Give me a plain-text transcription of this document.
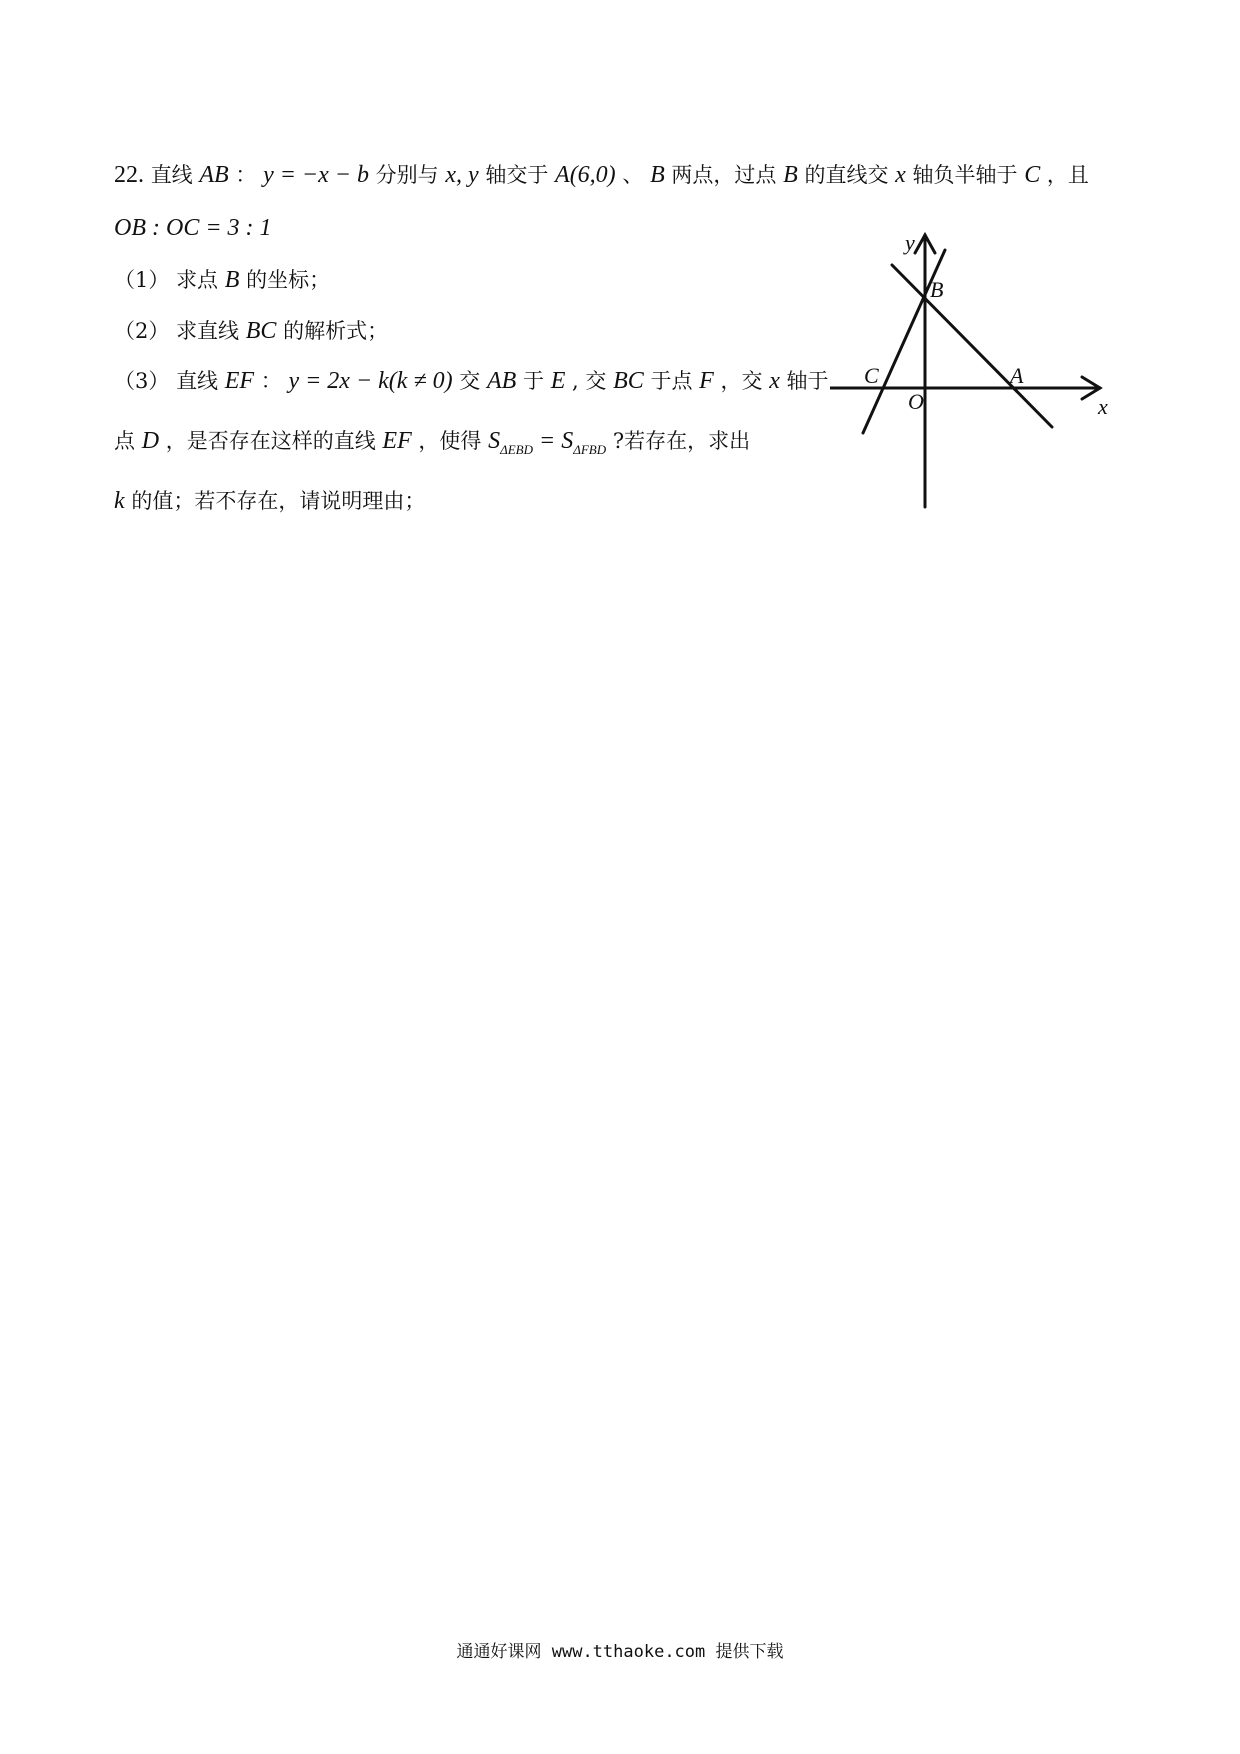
22. 直线 AB ： y = −x − b 分别与 x, y 轴交于 A(6,0) 、 B 两点，过点 B 的直线交 x 轴负半轴于 C ，且
OB : OC = 3 : 1
（1） 求点 B 的坐标；
（2） 求直线 BC 的解析式；
（3） 直线 EF ： y = 2x − k(k ≠ 0) 交 AB 于 E , 交 BC 于点 F ，交 x 轴于
点 D ，是否存在这样的直线 EF ，使得 $S_{\Delta EBD} = S_{\Delta FBD}$ ?若存在，求出
k 的值；若不存在，请说明理由；
y
B
C	A
O	x
通通好课网 www.tthaoke.com 提供下载
